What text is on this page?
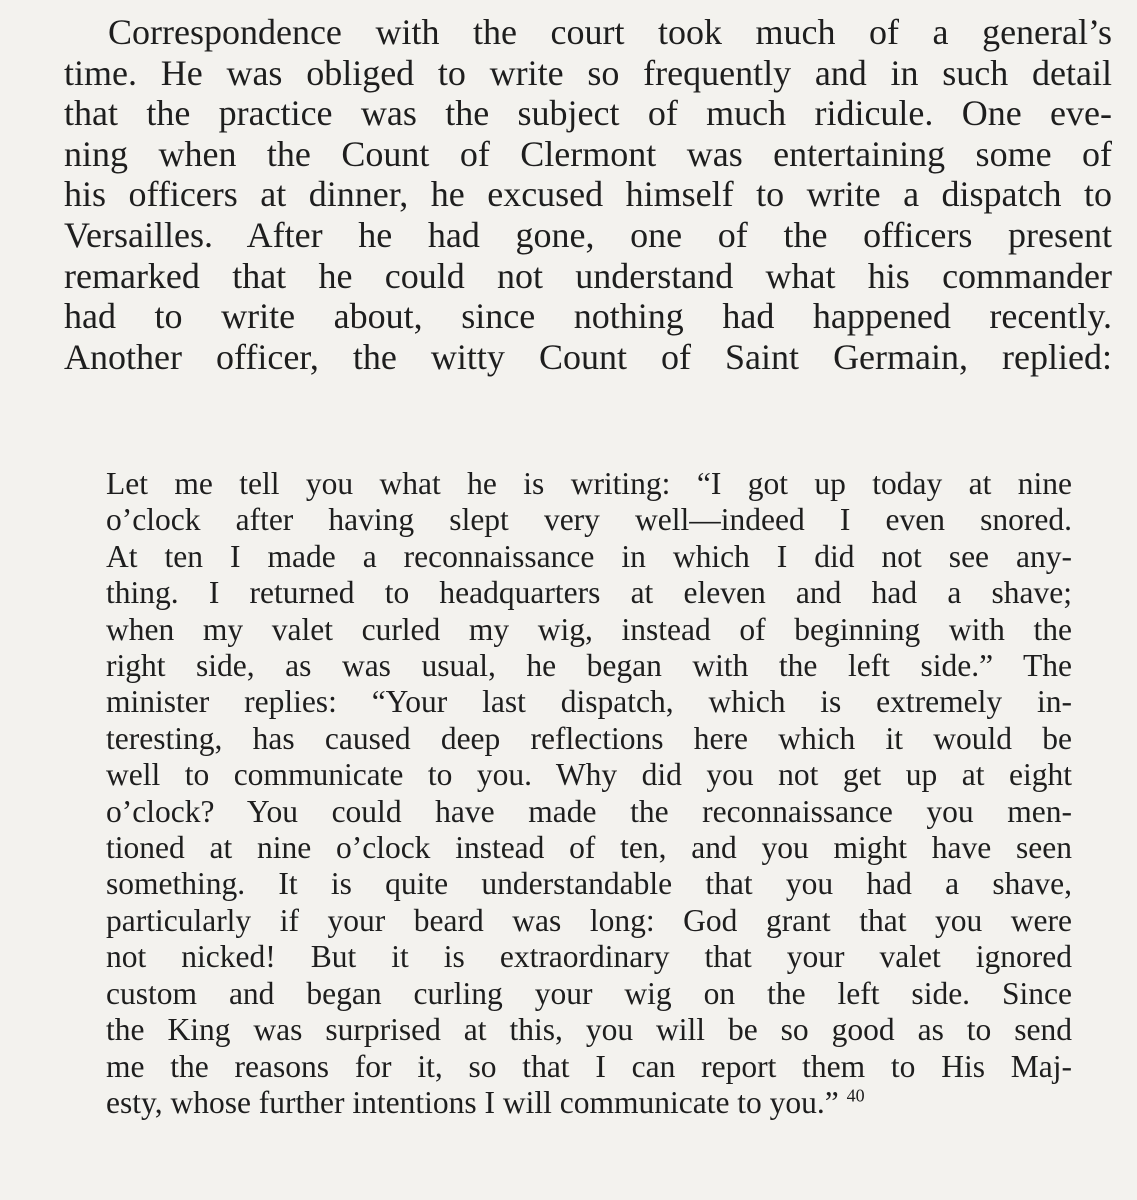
Correspondence with the court took much of a general’s
time. He was obliged to write so frequently and in such detail
that the practice was the subject of much ridicule. One eve-
ning when the Count of Clermont was entertaining some of
his officers at dinner, he excused himself to write a dispatch to
Versailles. After he had gone, one of the officers present
remarked that he could not understand what his commander
had to write about, since nothing had happened recently.
Another officer, the witty Count of Saint Germain, replied:
Let me tell you what he is writing: “I got up today at nine
o’clock after having slept very well—indeed I even snored.
At ten I made a reconnaissance in which I did not see any-
thing. I returned to headquarters at eleven and had a shave;
when my valet curled my wig, instead of beginning with the
right side, as was usual, he began with the left side.” The
minister replies: “Your last dispatch, which is extremely in-
teresting, has caused deep reflections here which it would be
well to communicate to you. Why did you not get up at eight
o’clock? You could have made the reconnaissance you men-
tioned at nine o’clock instead of ten, and you might have seen
something. It is quite understandable that you had a shave,
particularly if your beard was long: God grant that you were
not nicked! But it is extraordinary that your valet ignored
custom and began curling your wig on the left side. Since
the King was surprised at this, you will be so good as to send
me the reasons for it, so that I can report them to His Maj-
esty, whose further intentions I will communicate to you.” $^{40}$
